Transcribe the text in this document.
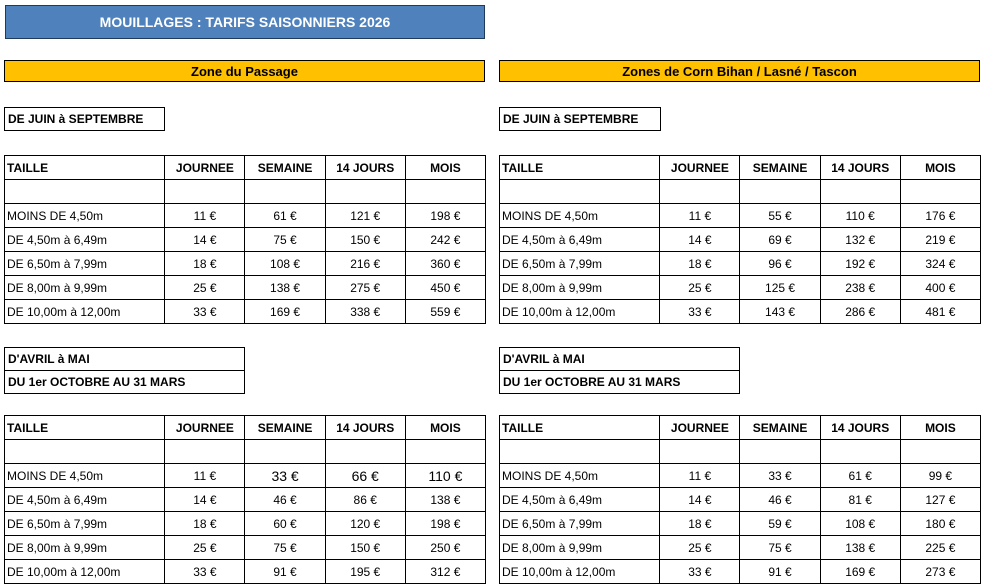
MOUILLAGES : TARIFS SAISONNIERS 2026
Zone du Passage	Zones de Corn Bihan / Lasné / Tascon
DE JUIN à SEPTEMBRE
TAILLE	JOURNEE	SEMAINE	14 JOURS	MOIS

MOINS DE 4,50m	11 €	61 €	121 €	198 €
DE 4,50m à 6,49m	14 €	75 €	150 €	242 €
DE 6,50m à 7,99m	18 €	108 €	216 €	360 €
DE 8,00m à 9,99m	25 €	138 €	275 €	450 €
DE 10,00m à 12,00m	33 €	169 €	338 €	559 €
DE JUIN à SEPTEMBRE
TAILLE	JOURNEE	SEMAINE	14 JOURS	MOIS

MOINS DE 4,50m	11 €	55 €	110 €	176 €
DE 4,50m à 6,49m	14 €	69 €	132 €	219 €
DE 6,50m à 7,99m	18 €	96 €	192 €	324 €
DE 8,00m à 9,99m	25 €	125 €	238 €	400 €
DE 10,00m à 12,00m	33 €	143 €	286 €	481 €
D'AVRIL à MAI
DU 1er OCTOBRE AU 31 MARS
TAILLE	JOURNEE	SEMAINE	14 JOURS	MOIS

MOINS DE 4,50m	11 €	33 €	66 €	110 €
DE 4,50m à 6,49m	14 €	46 €	86 €	138 €
DE 6,50m à 7,99m	18 €	60 €	120 €	198 €
DE 8,00m à 9,99m	25 €	75 €	150 €	250 €
DE 10,00m à 12,00m	33 €	91 €	195 €	312 €
D'AVRIL à MAI
DU 1er OCTOBRE AU 31 MARS
TAILLE	JOURNEE	SEMAINE	14 JOURS	MOIS

MOINS DE 4,50m	11 €	33 €	61 €	99 €
DE 4,50m à 6,49m	14 €	46 €	81 €	127 €
DE 6,50m à 7,99m	18 €	59 €	108 €	180 €
DE 8,00m à 9,99m	25 €	75 €	138 €	225 €
DE 10,00m à 12,00m	33 €	91 €	169 €	273 €
